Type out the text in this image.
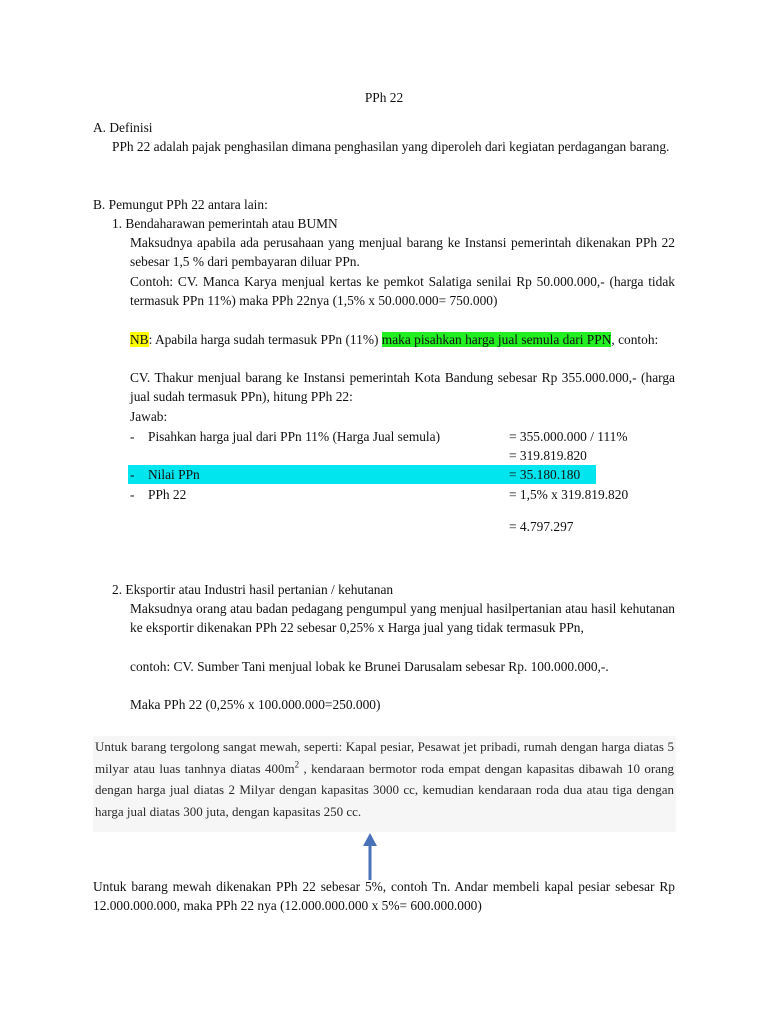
PPh 22
A. Definisi
PPh 22 adalah pajak penghasilan dimana penghasilan yang diperoleh dari kegiatan perdagangan barang.
B. Pemungut PPh 22 antara lain:
1. Bendaharawan pemerintah atau BUMN
Maksudnya apabila ada perusahaan yang menjual barang ke Instansi pemerintah dikenakan PPh 22 sebesar 1,5 % dari pembayaran diluar PPn.
Contoh: CV. Manca Karya menjual kertas ke pemkot Salatiga senilai Rp 50.000.000,- (harga tidak termasuk PPn 11%) maka PPh 22nya (1,5% x 50.000.000= 750.000)
NB: Apabila harga sudah termasuk PPn (11%) maka pisahkan harga jual semula dari PPN, contoh:
CV. Thakur menjual barang ke Instansi pemerintah Kota Bandung sebesar Rp 355.000.000,- (harga jual sudah termasuk PPn), hitung PPh 22:
Jawab:
- Pisahkan harga jual dari PPn 11% (Harga Jual semula)	= 355.000.000 / 111%
= 319.819.820
- Nilai PPn	= 35.180.180
- PPh 22	= 1,5% x 319.819.820
= 4.797.297
2. Eksportir atau Industri hasil pertanian / kehutanan
Maksudnya orang atau badan pedagang pengumpul yang menjual hasilpertanian atau hasil kehutanan ke eksportir dikenakan PPh 22 sebesar 0,25% x Harga jual yang tidak termasuk PPn,
contoh: CV. Sumber Tani menjual lobak ke Brunei Darusalam sebesar Rp. 100.000.000,-.
Maka PPh 22 (0,25% x 100.000.000=250.000)

Untuk barang tergolong sangat mewah, seperti: Kapal pesiar, Pesawat jet pribadi, rumah dengan harga diatas 5 milyar atau luas tanhnya diatas $400m^2$ , kendaraan bermotor roda empat dengan kapasitas dibawah 10 orang dengan harga jual diatas 2 Milyar dengan kapasitas 3000 cc, kemudian kendaraan roda dua atau tiga dengan harga jual diatas 300 juta, dengan kapasitas 250 cc.

Untuk barang mewah dikenakan PPh 22 sebesar 5%, contoh Tn. Andar membeli kapal pesiar sebesar Rp 12.000.000.000, maka PPh 22 nya (12.000.000.000 x 5%= 600.000.000)
